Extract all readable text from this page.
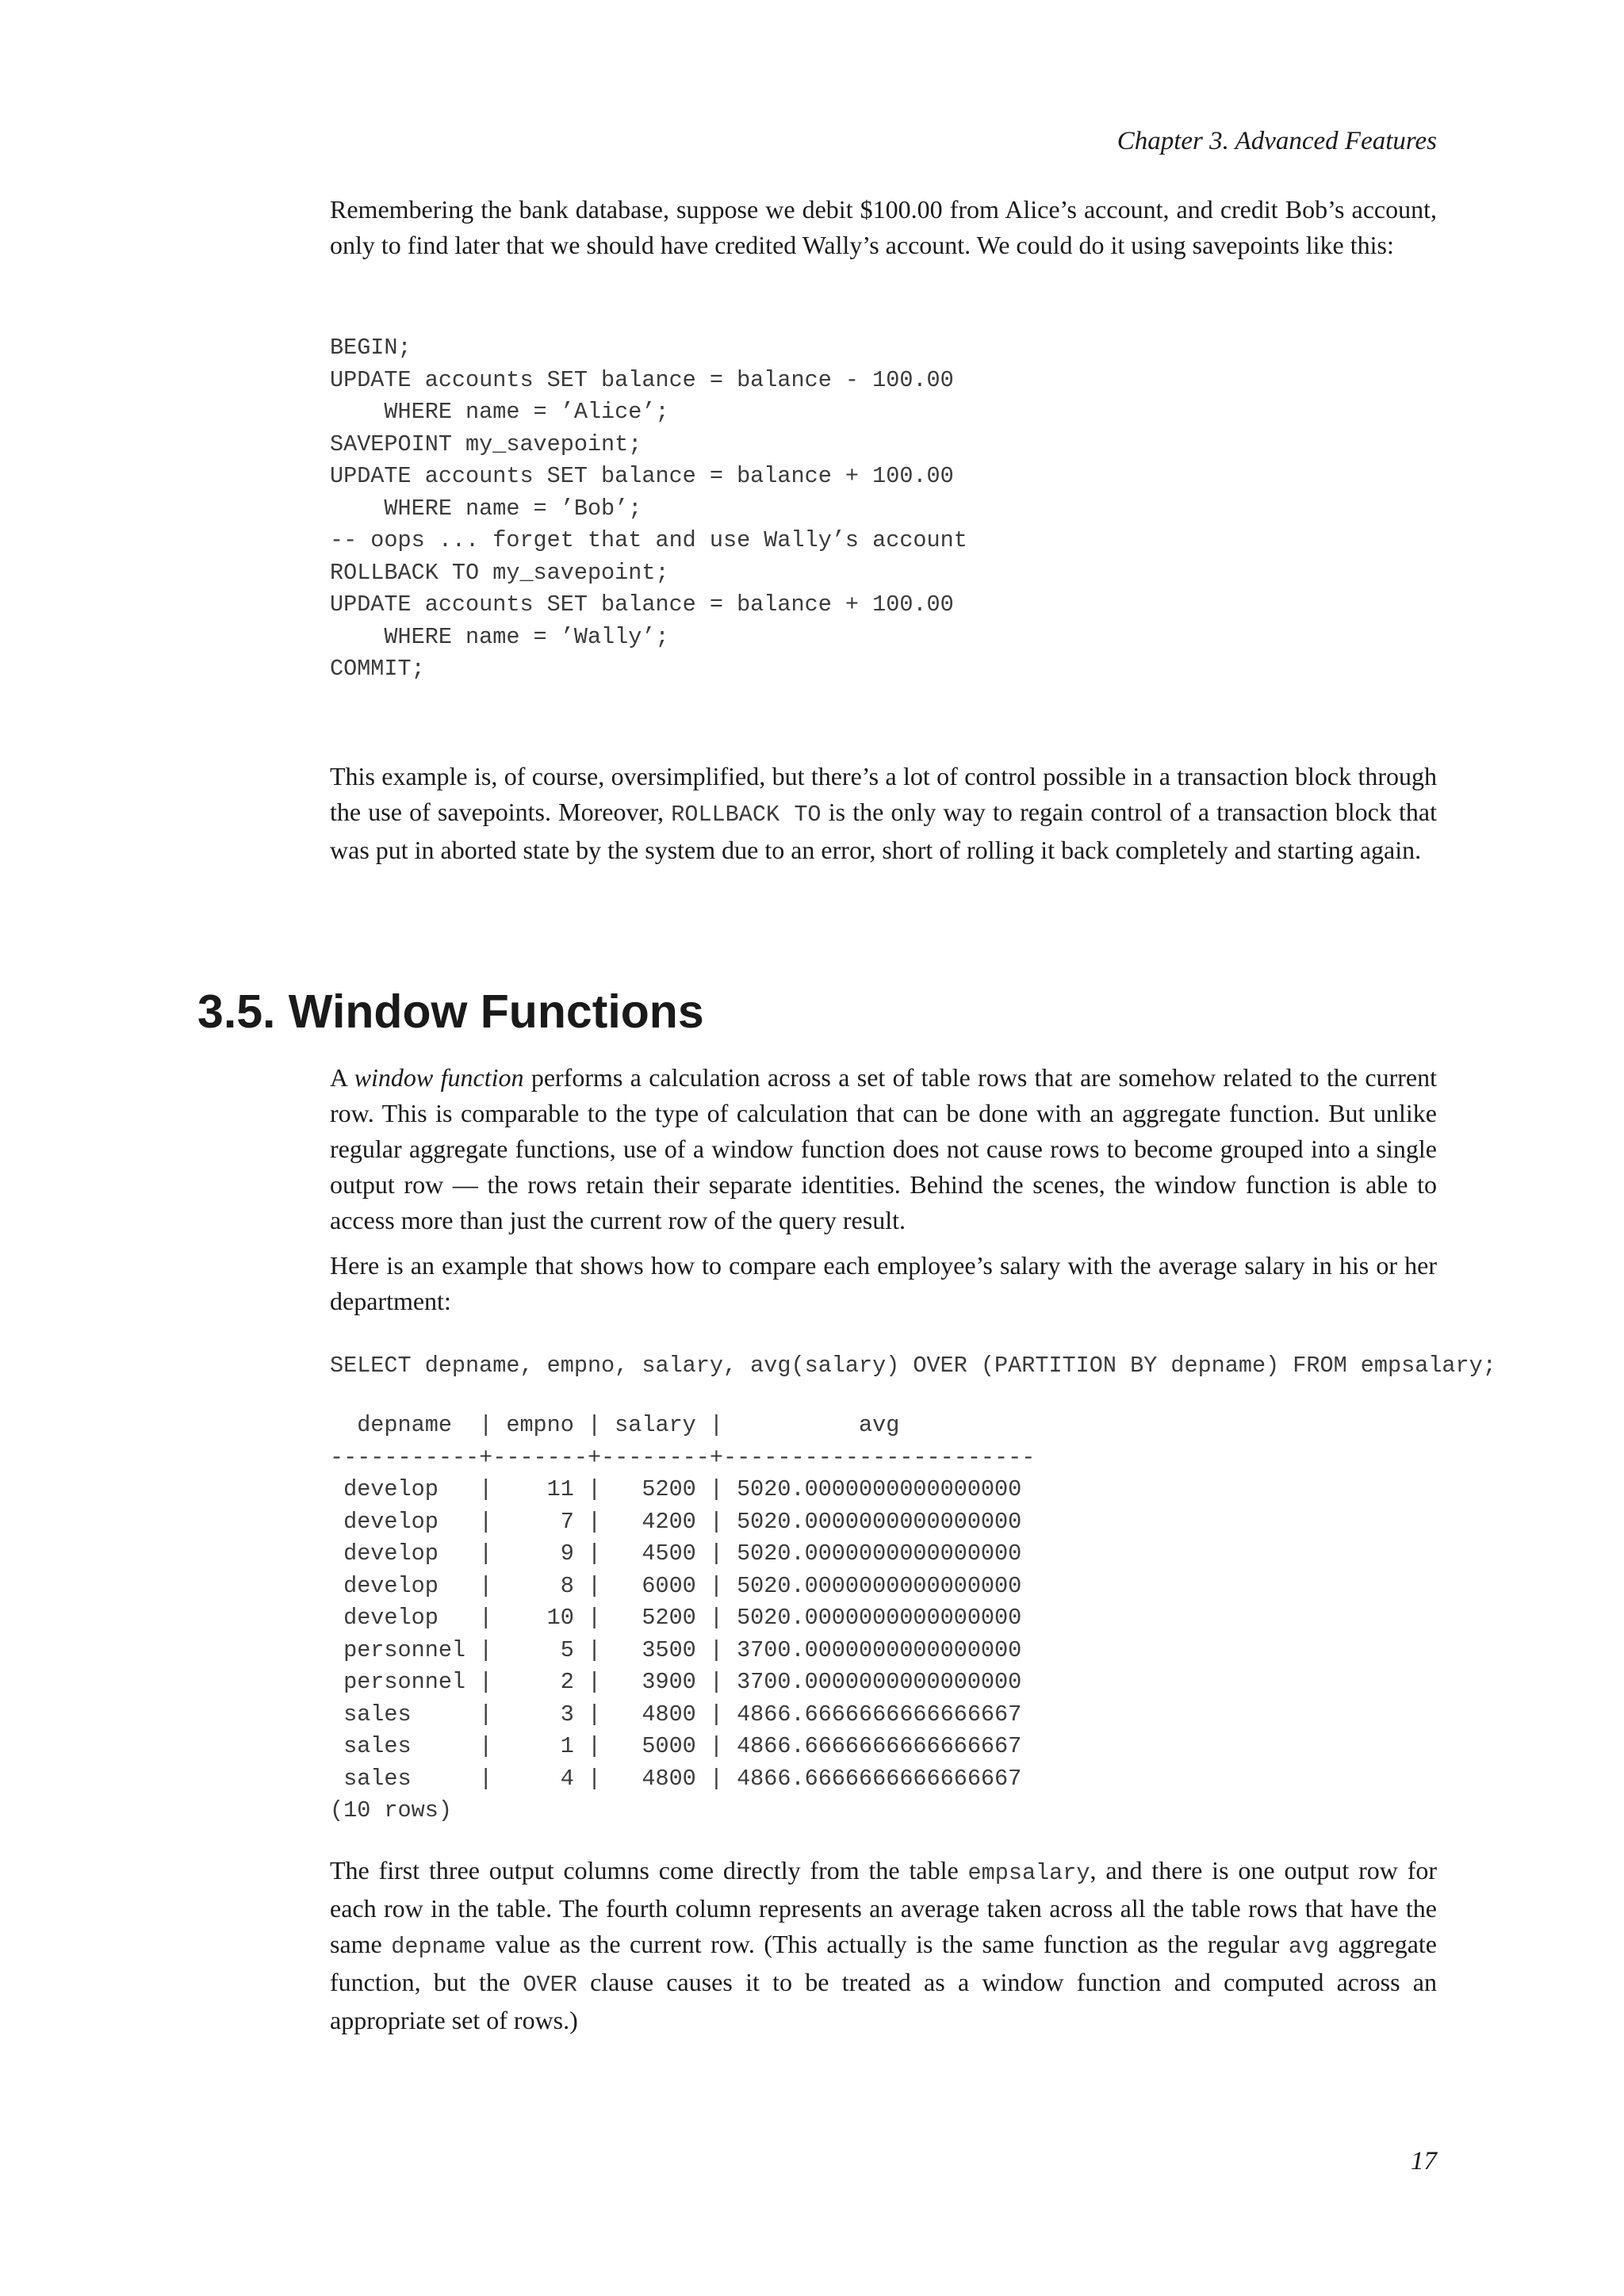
Chapter 3. Advanced Features

Remembering the bank database, suppose we debit $100.00 from Alice’s account, and credit Bob’s account, only to find later that we should have credited Wally’s account. We could do it using savepoints like this:

BEGIN;
UPDATE accounts SET balance = balance - 100.00
WHERE name = ’Alice’;
SAVEPOINT my_savepoint;
UPDATE accounts SET balance = balance + 100.00
WHERE name = ’Bob’;
-- oops ... forget that and use Wally’s account
ROLLBACK TO my_savepoint;
UPDATE accounts SET balance = balance + 100.00
WHERE name = ’Wally’;
COMMIT;

This example is, of course, oversimplified, but there’s a lot of control possible in a transaction block through the use of savepoints. Moreover, ROLLBACK TO is the only way to regain control of a transaction block that was put in aborted state by the system due to an error, short of rolling it back completely and starting again.

3.5. Window Functions

A window function performs a calculation across a set of table rows that are somehow related to the current row. This is comparable to the type of calculation that can be done with an aggregate function. But unlike regular aggregate functions, use of a window function does not cause rows to become grouped into a single output row — the rows retain their separate identities. Behind the scenes, the window function is able to access more than just the current row of the query result.

Here is an example that shows how to compare each employee’s salary with the average salary in his or her department:

SELECT depname, empno, salary, avg(salary) OVER (PARTITION BY depname) FROM empsalary;
depname  | empno | salary |          avg
-----------+-------+--------+-----------------------
develop   |    11 |   5200 | 5020.0000000000000000
develop   |     7 |   4200 | 5020.0000000000000000
develop   |     9 |   4500 | 5020.0000000000000000
develop   |     8 |   6000 | 5020.0000000000000000
develop   |    10 |   5200 | 5020.0000000000000000
personnel |     5 |   3500 | 3700.0000000000000000
personnel |     2 |   3900 | 3700.0000000000000000
sales     |     3 |   4800 | 4866.6666666666666667
sales     |     1 |   5000 | 4866.6666666666666667
sales     |     4 |   4800 | 4866.6666666666666667
(10 rows)

The first three output columns come directly from the table empsalary, and there is one output row for each row in the table. The fourth column represents an average taken across all the table rows that have the same depname value as the current row. (This actually is the same function as the regular avg aggregate function, but the OVER clause causes it to be treated as a window function and computed across an appropriate set of rows.)

17
